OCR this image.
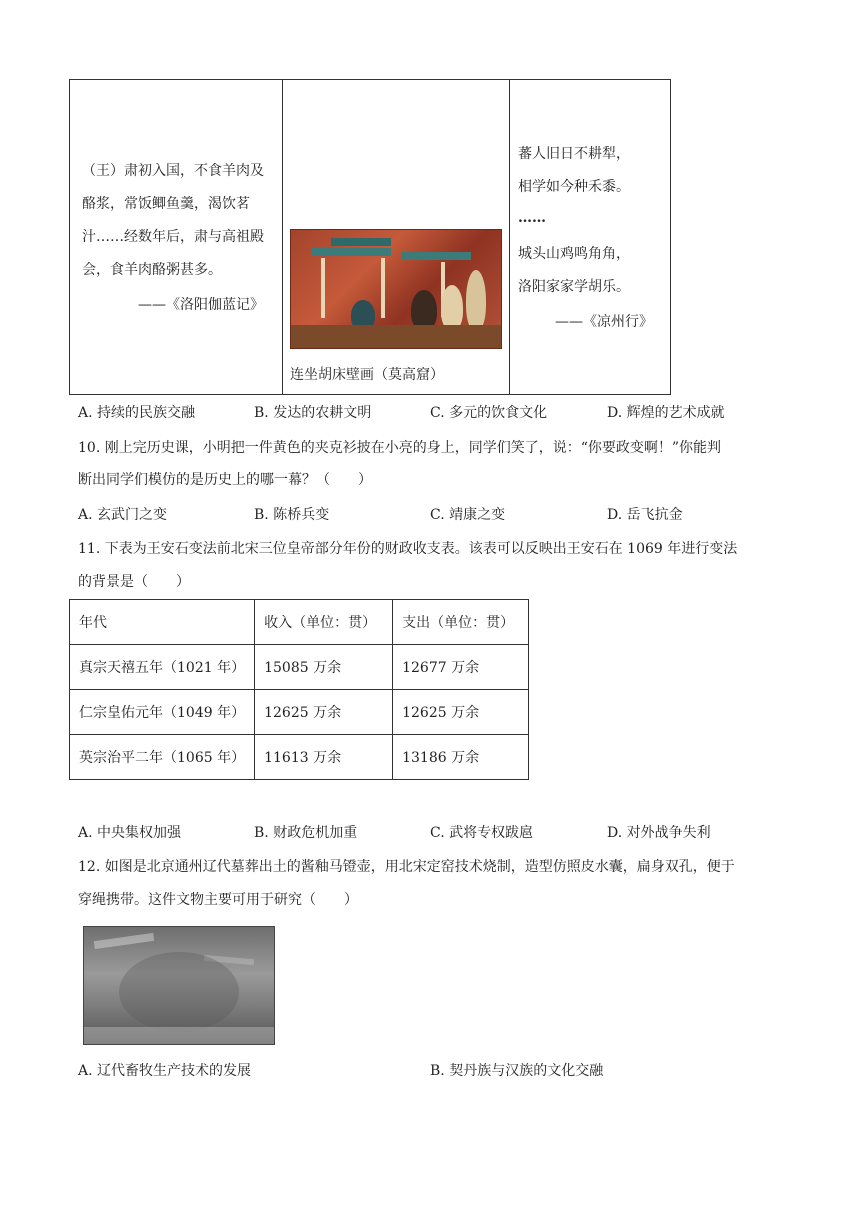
（王）肃初入国，不食羊肉及
酪浆，常饭鲫鱼羹，渴饮茗
汁……经数年后，肃与高祖殿
会，食羊肉酪粥甚多。
——《洛阳伽蓝记》
连坐胡床壁画（莫高窟）
蕃人旧日不耕犁，
相学如今种禾黍。
……
城头山鸡鸣角角，
洛阳家家学胡乐。
——《凉州行》
A. 持续的民族交融	B. 发达的农耕文明	C. 多元的饮食文化	D. 辉煌的艺术成就
10. 刚上完历史课，小明把一件黄色的夹克衫披在小亮的身上，同学们笑了，说：“你要政变啊！”你能判
断出同学们模仿的是历史上的哪一幕？（　　）
A. 玄武门之变	B. 陈桥兵变	C. 靖康之变	D. 岳飞抗金
11. 下表为王安石变法前北宋三位皇帝部分年份的财政收支表。该表可以反映出王安石在 1069 年进行变法
的背景是（　　）
年代	收入（单位：贯）	支出（单位：贯）
真宗天禧五年（1021 年）	15085 万余	12677 万余
仁宗皇佑元年（1049 年）	12625 万余	12625 万余
英宗治平二年（1065 年）	11613 万余	13186 万余
A. 中央集权加强	B. 财政危机加重	C. 武将专权跋扈	D. 对外战争失利
12. 如图是北京通州辽代墓葬出土的酱釉马镫壶，用北宋定窑技术烧制，造型仿照皮水囊，扁身双孔，便于
穿绳携带。这件文物主要可用于研究（　　）
A. 辽代畜牧生产技术的发展	B. 契丹族与汉族的文化交融
